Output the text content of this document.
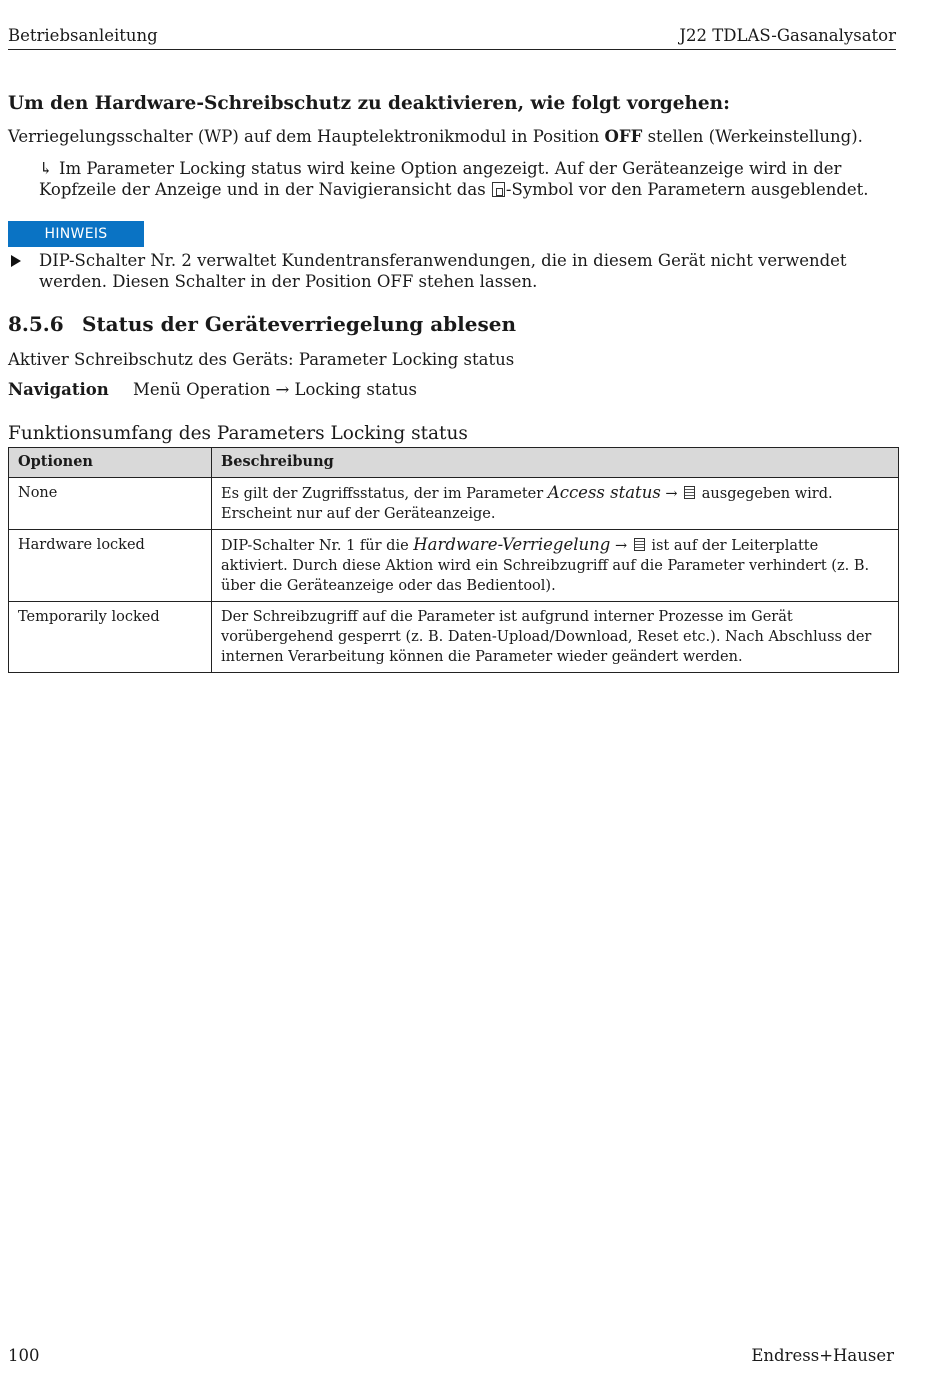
Betriebsanleitung	J22 TDLAS-Gasanalysator
Um den Hardware-Schreibschutz zu deaktivieren, wie folgt vorgehen:
Verriegelungsschalter (WP) auf dem Hauptelektronikmodul in Position OFF stellen (Werkeinstellung).
↳ Im Parameter Locking status wird keine Option angezeigt. Auf der Geräteanzeige wird in der Kopfzeile der Anzeige und in der Navigieransicht das -Symbol vor den Parametern ausgeblendet.
HINWEIS
DIP-Schalter Nr. 2 verwaltet Kundentransferanwendungen, die in diesem Gerät nicht verwendet werden. Diesen Schalter in der Position OFF stehen lassen.
8.5.6 Status der Geräteverriegelung ablesen
Aktiver Schreibschutz des Geräts: Parameter Locking status
Navigation Menü Operation → Locking status
Funktionsumfang des Parameters Locking status
Optionen	Beschreibung
None	Es gilt der Zugriffsstatus, der im Parameter Access status →  ausgegeben wird. Erscheint nur auf der Geräteanzeige.
Hardware locked	DIP-Schalter Nr. 1 für die Hardware-Verriegelung →  ist auf der Leiterplatte aktiviert. Durch diese Aktion wird ein Schreibzugriff auf die Parameter verhindert (z. B. über die Geräteanzeige oder das Bedientool).
Temporarily locked	Der Schreibzugriff auf die Parameter ist aufgrund interner Prozesse im Gerät vorübergehend gesperrt (z. B. Daten-Upload/Download, Reset etc.). Nach Abschluss der internen Verarbeitung können die Parameter wieder geändert werden.
100	Endress+Hauser
